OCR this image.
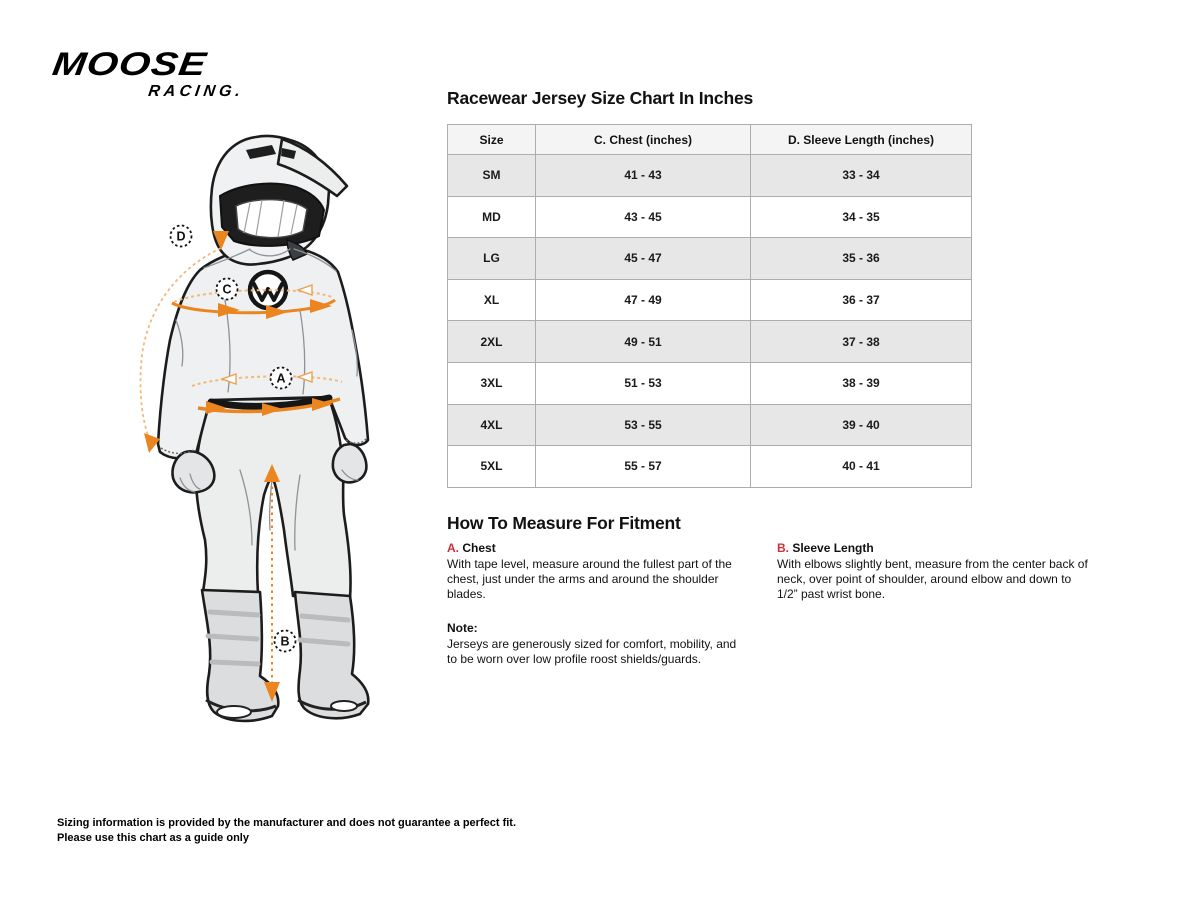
MOOSE
RACING.	Racewear Jersey Size Chart In Inches
Size	C. Chest (inches)	D. Sleeve Length (inches)
SM	41 - 43	33 - 34
MD	43 - 45	34 - 35
LG	45 - 47	35 - 36
XL	47 - 49	36 - 37
2XL	49 - 51	37 - 38
3XL	51 - 53	38 - 39
4XL	53 - 55	39 - 40
5XL	55 - 57	40 - 41
How To Measure For Fitment
A. Chest
With tape level, measure around the fullest part of the chest, just under the arms and around the shoulder blades.
B. Sleeve Length
With elbows slightly bent, measure from the center back of neck, over point of shoulder, around elbow and down to 1/2” past wrist bone.
Note:
Jerseys are generously sized for comfort, mobility, and to be worn over low profile roost shields/guards.
Sizing information is provided by the manufacturer and does not guarantee a perfect fit.
Please use this chart as a guide only
D
C
A
B
